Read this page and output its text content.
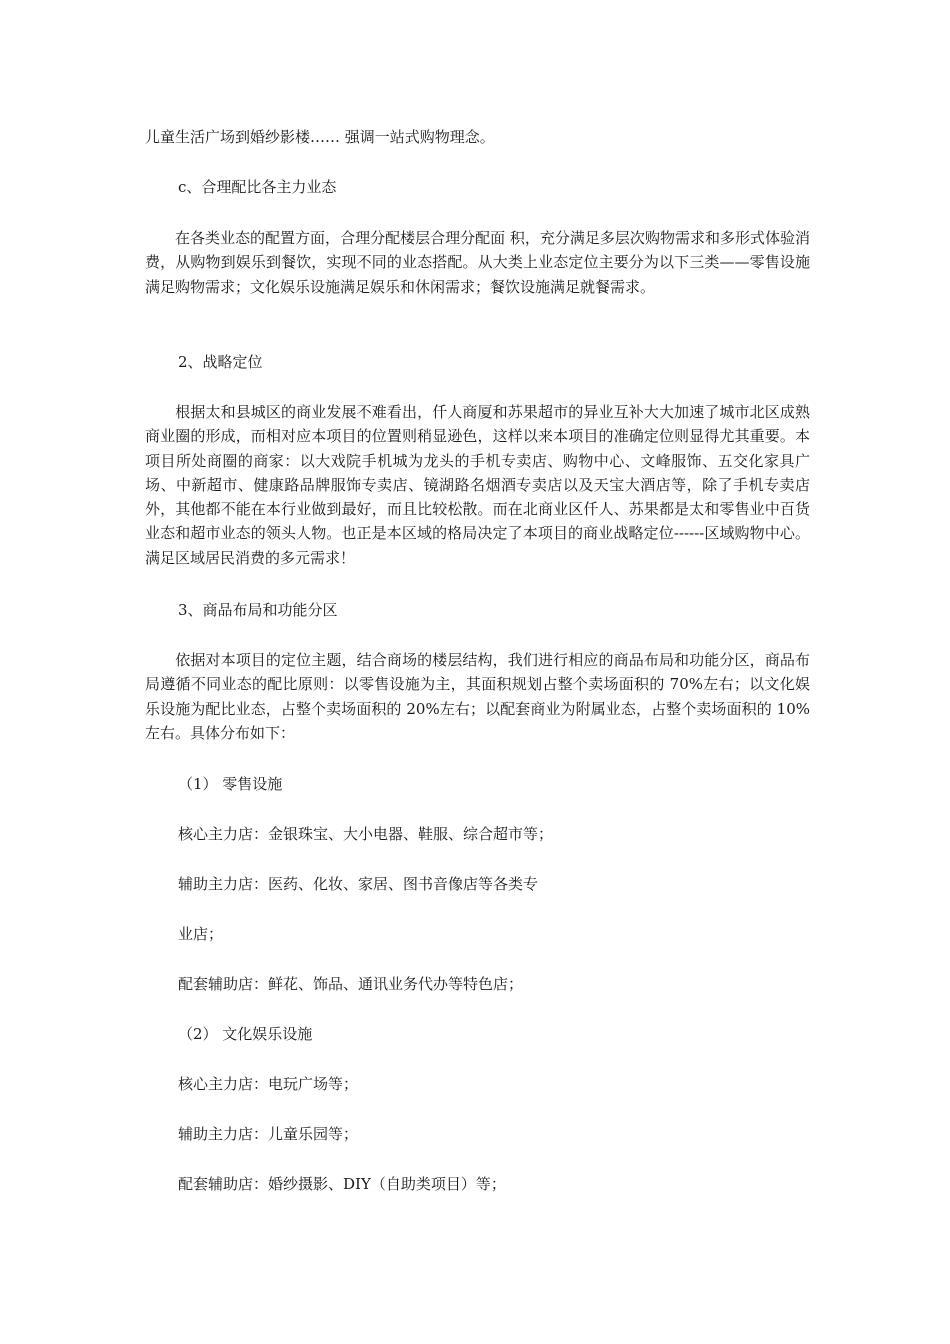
儿童生活广场到婚纱影楼…… 强调一站式购物理念。
c、合理配比各主力业态
　　在各类业态的配置方面，合理分配楼层合理分配面 积，充分满足多层次购物需求和多形式体验消费，从购物到娱乐到餐饮，实现不同的业态搭配。从大类上业态定位主要分为以下三类——零售设施满足购物需求；文化娱乐设施满足娱乐和休闲需求；餐饮设施满足就餐需求。
2、战略定位
　　根据太和县城区的商业发展不难看出，仟人商厦和苏果超市的异业互补大大加速了城市北区成熟商业圈的形成，而相对应本项目的位置则稍显逊色，这样以来本项目的准确定位则显得尤其重要。本项目所处商圈的商家：以大戏院手机城为龙头的手机专卖店、购物中心、文峰服饰、五交化家具广场、中新超市、健康路品牌服饰专卖店、镜湖路名烟酒专卖店以及天宝大酒店等，除了手机专卖店外，其他都不能在本行业做到最好，而且比较松散。而在北商业区仟人、苏果都是太和零售业中百货业态和超市业态的领头人物。也正是本区域的格局决定了本项目的商业战略定位------区域购物中心。满足区域居民消费的多元需求！
3、商品布局和功能分区
　　依据对本项目的定位主题，结合商场的楼层结构，我们进行相应的商品布局和功能分区，商品布局遵循不同业态的配比原则：以零售设施为主，其面积规划占整个卖场面积的 70%左右；以文化娱乐设施为配比业态，占整个卖场面积的 20%左右；以配套商业为附属业态，占整个卖场面积的 10%左右。具体分布如下：
（1） 零售设施
核心主力店：金银珠宝、大小电器、鞋服、综合超市等；
辅助主力店：医药、化妆、家居、图书音像店等各类专
业店；
配套辅助店：鲜花、饰品、通讯业务代办等特色店；
（2） 文化娱乐设施
核心主力店：电玩广场等；
辅助主力店：儿童乐园等；
配套辅助店：婚纱摄影、DIY（自助类项目）等；
